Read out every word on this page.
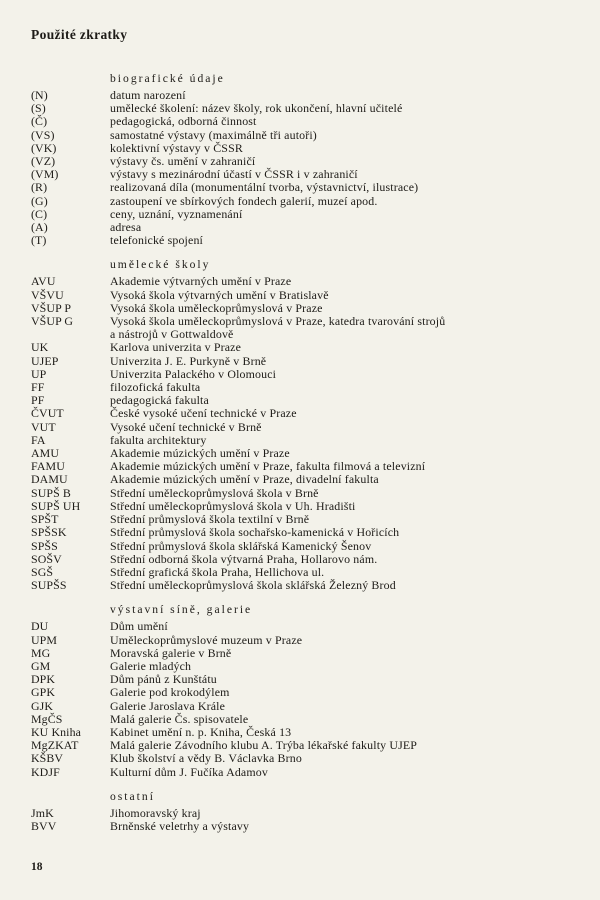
Použité zkratky
biografické údaje
(N)	datum narození
(S)	umělecké školení: název školy, rok ukončení, hlavní učitelé
(Č)	pedagogická, odborná činnost
(VS)	samostatné výstavy (maximálně tři autoři)
(VK)	kolektivní výstavy v ČSSR
(VZ)	výstavy čs. umění v zahraničí
(VM)	výstavy s mezinárodní účastí v ČSSR i v zahraničí
(R)	realizovaná díla (monumentální tvorba, výstavnictví, ilustrace)
(G)	zastoupení ve sbírkových fondech galerií, muzeí apod.
(C)	ceny, uznání, vyznamenání
(A)	adresa
(T)	telefonické spojení
umělecké školy
AVU	Akademie výtvarných umění v Praze
VŠVU	Vysoká škola výtvarných umění v Bratislavě
VŠUP P	Vysoká škola uměleckoprůmyslová v Praze
VŠUP G	Vysoká škola uměleckoprůmyslová v Praze, katedra tvarování strojů
a nástrojů v Gottwaldově
UK	Karlova univerzita v Praze
UJEP	Univerzita J. E. Purkyně v Brně
UP	Univerzita Palackého v Olomouci
FF	filozofická fakulta
PF	pedagogická fakulta
ČVUT	České vysoké učení technické v Praze
VUT	Vysoké učení technické v Brně
FA	fakulta architektury
AMU	Akademie múzických umění v Praze
FAMU	Akademie múzických umění v Praze, fakulta filmová a televizní
DAMU	Akademie múzických umění v Praze, divadelní fakulta
SUPŠ B	Střední uměleckoprůmyslová škola v Brně
SUPŠ UH	Střední uměleckoprůmyslová škola v Uh. Hradišti
SPŠT	Střední průmyslová škola textilní v Brně
SPŠSK	Střední průmyslová škola sochařsko-kamenická v Hořicích
SPŠS	Střední průmyslová škola sklářská Kamenický Šenov
SOŠV	Střední odborná škola výtvarná Praha, Hollarovo nám.
SGŠ	Střední grafická škola Praha, Hellichova ul.
SUPŠS	Střední uměleckoprůmyslová škola sklářská Železný Brod
výstavní síně, galerie
DU	Dům umění
UPM	Uměleckoprůmyslové muzeum v Praze
MG	Moravská galerie v Brně
GM	Galerie mladých
DPK	Dům pánů z Kunštátu
GPK	Galerie pod krokodýlem
GJK	Galerie Jaroslava Krále
MgČS	Malá galerie Čs. spisovatele
KU Kniha	Kabinet umění n. p. Kniha, Česká 13
MgZKAT	Malá galerie Závodního klubu A. Trýba lékařské fakulty UJEP
KŠBV	Klub školství a vědy B. Václavka Brno
KDJF	Kulturní dům J. Fučíka Adamov
ostatní
JmK	Jihomoravský kraj
BVV	Brněnské veletrhy a výstavy
18
